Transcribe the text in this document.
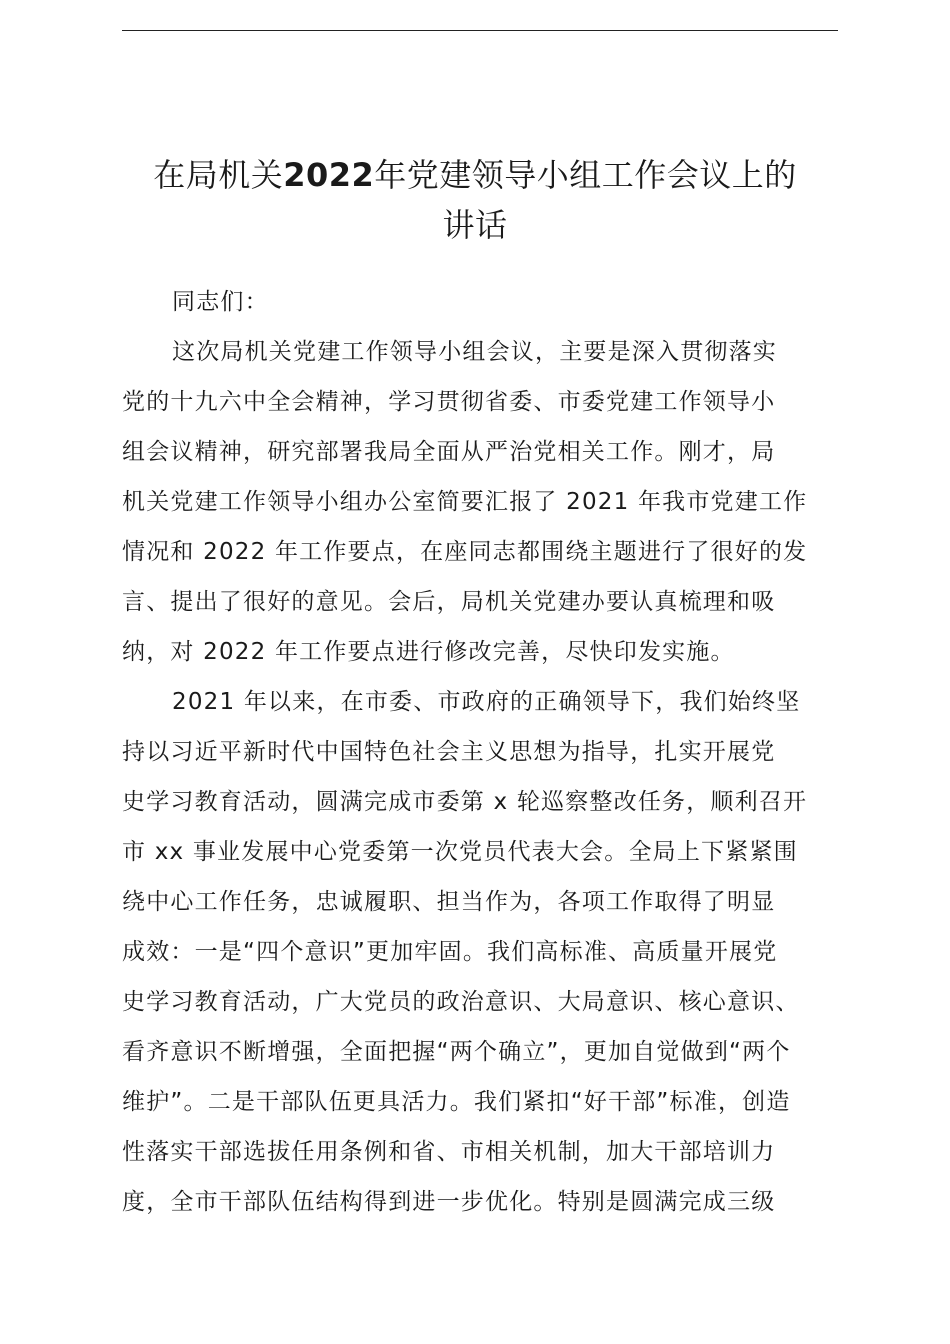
在局机关2022年党建领导小组工作会议上的
讲话
同志们：
这次局机关党建工作领导小组会议，主要是深入贯彻落实
党的十九六中全会精神，学习贯彻省委、市委党建工作领导小
组会议精神，研究部署我局全面从严治党相关工作。刚才，局
机关党建工作领导小组办公室简要汇报了 2021 年我市党建工作
情况和 2022 年工作要点，在座同志都围绕主题进行了很好的发
言、提出了很好的意见。会后，局机关党建办要认真梳理和吸
纳，对 2022 年工作要点进行修改完善，尽快印发实施。
2021 年以来，在市委、市政府的正确领导下，我们始终坚
持以习近平新时代中国特色社会主义思想为指导，扎实开展党
史学习教育活动，圆满完成市委第 x 轮巡察整改任务，顺利召开
市 xx 事业发展中心党委第一次党员代表大会。全局上下紧紧围
绕中心工作任务，忠诚履职、担当作为，各项工作取得了明显
成效：一是“四个意识”更加牢固。我们高标准、高质量开展党
史学习教育活动，广大党员的政治意识、大局意识、核心意识、
看齐意识不断增强，全面把握“两个确立”，更加自觉做到“两个
维护”。二是干部队伍更具活力。我们紧扣“好干部”标准，创造
性落实干部选拔任用条例和省、市相关机制，加大干部培训力
度，全市干部队伍结构得到进一步优化。特别是圆满完成三级
